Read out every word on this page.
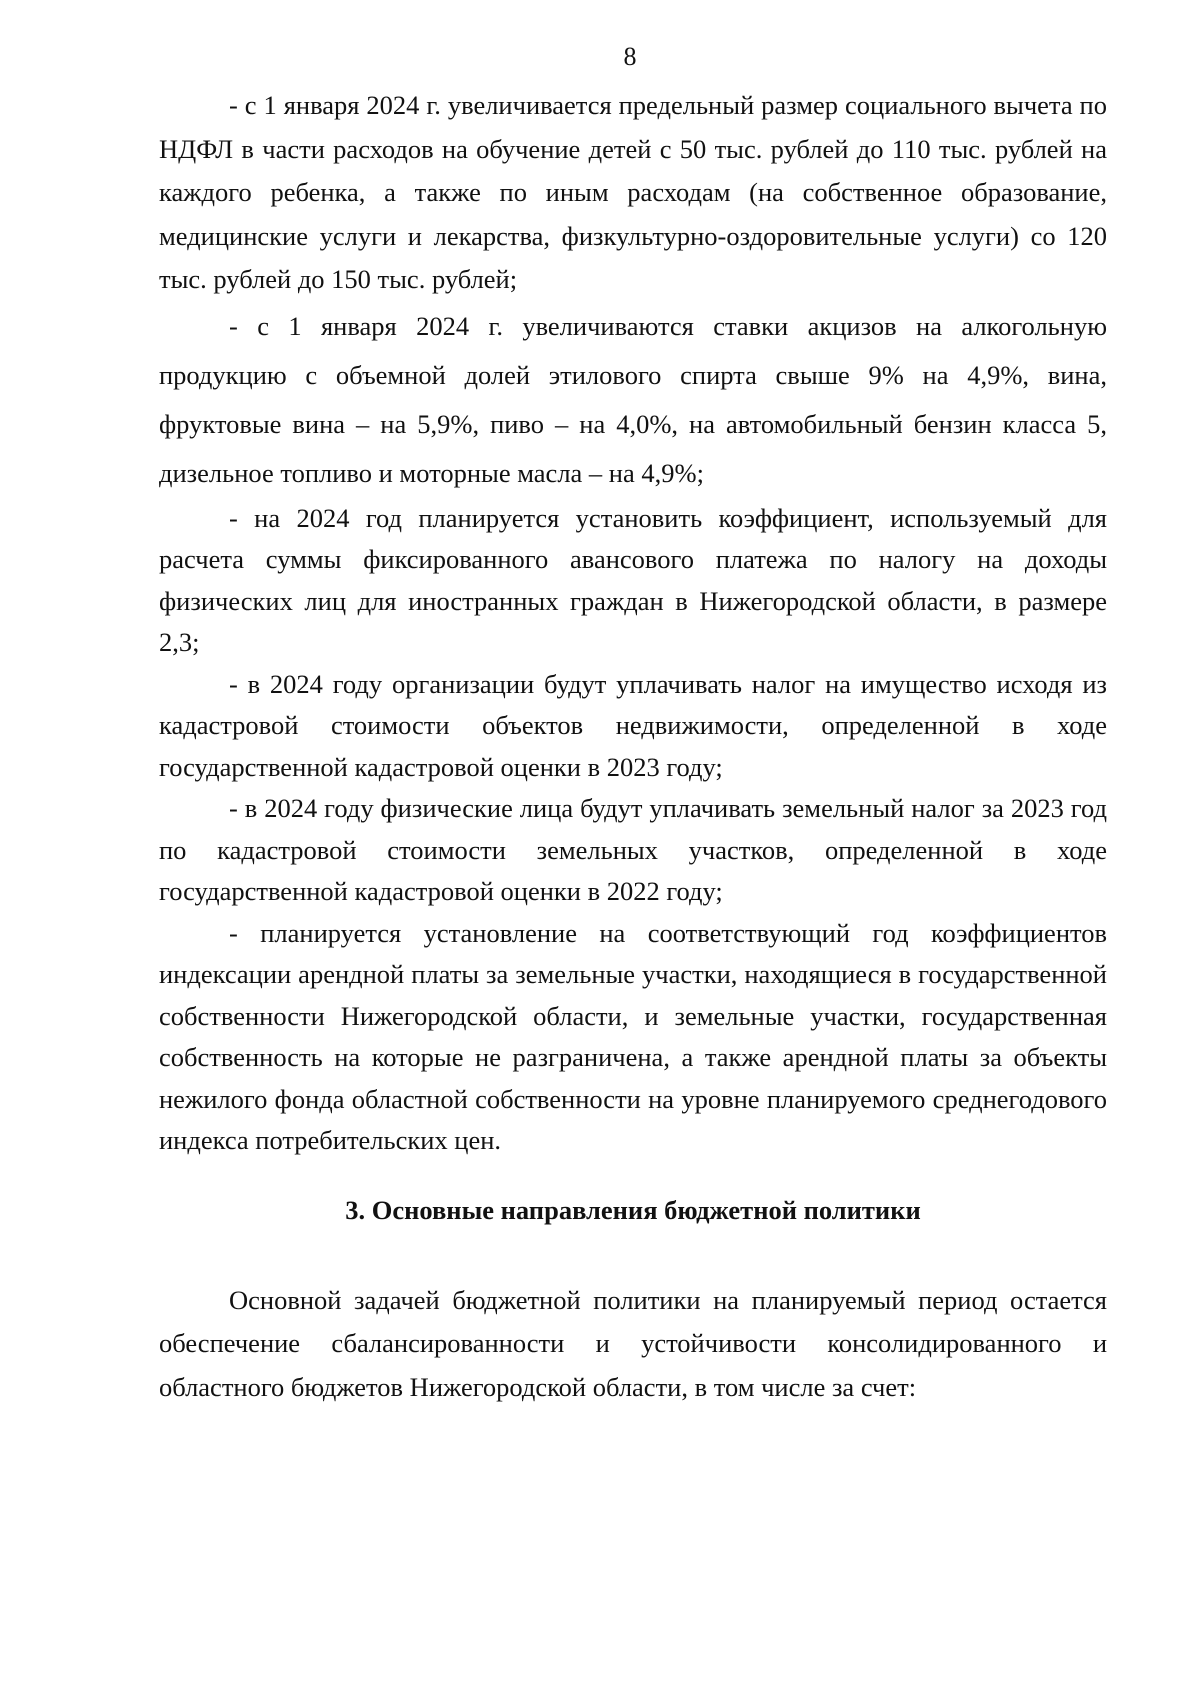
8

- с 1 января 2024 г. увеличивается предельный размер социального вычета по НДФЛ в части расходов на обучение детей с 50 тыс. рублей до 110 тыс. рублей на каждого ребенка, а также по иным расходам (на собственное образование, медицинские услуги и лекарства, физкультурно-оздоровительные услуги) со 120 тыс. рублей до 150 тыс. рублей;

- с 1 января 2024 г. увеличиваются ставки акцизов на алкогольную продукцию с объемной долей этилового спирта свыше 9% на 4,9%, вина, фруктовые вина – на 5,9%, пиво – на 4,0%, на автомобильный бензин класса 5, дизельное топливо и моторные масла – на 4,9%;

- на 2024 год планируется установить коэффициент, используемый для расчета суммы фиксированного авансового платежа по налогу на доходы физических лиц для иностранных граждан в Нижегородской области, в размере 2,3;

- в 2024 году организации будут уплачивать налог на имущество исходя из кадастровой стоимости объектов недвижимости, определенной в ходе государственной кадастровой оценки в 2023 году;

- в 2024 году физические лица будут уплачивать земельный налог за 2023 год по кадастровой стоимости земельных участков, определенной в ходе государственной кадастровой оценки в 2022 году;

- планируется установление на соответствующий год коэффициентов индексации арендной платы за земельные участки, находящиеся в государственной собственности Нижегородской области, и земельные участки, государственная собственность на которые не разграничена, а также арендной платы за объекты нежилого фонда областной собственности на уровне планируемого среднегодового индекса потребительских цен.

3. Основные направления бюджетной политики

Основной задачей бюджетной политики на планируемый период остается обеспечение сбалансированности и устойчивости консолидированного и областного бюджетов Нижегородской области, в том числе за счет:
